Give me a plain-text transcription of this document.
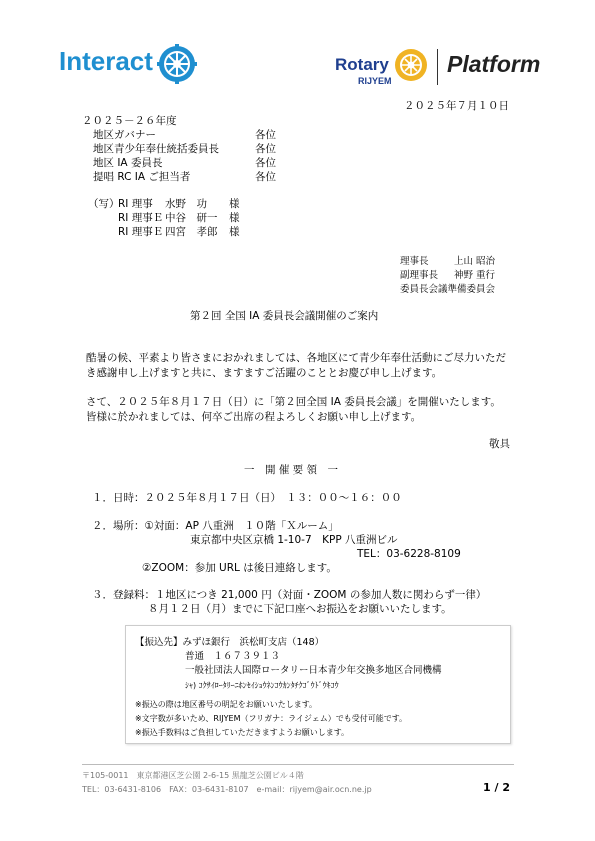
Interact	Rotary
RIJYEM
Platform
２０２５年７月１０日
２０２５－２６年度
地区ガバナー	各位
地区青少年奉仕統括委員長	各位
地区 IA 委員長	各位
提唱 RC IA ご担当者	各位
（写）
RI 理事 水野　功 様
RI 理事Ｅ 中谷　研一 様
RI 理事Ｅ 四宮　孝郎 様
理事長	上山 昭治
副理事長 神野 重行
委員長会議準備委員会
第２回 全国 IA 委員長会議開催のご案内
酷暑の候、平素より皆さまにおかれましては、各地区にて青少年奉仕活動にご尽力いただ
き感謝申し上げますと共に、ますますご活躍のこととお慶び申し上げます。
さて、２０２５年８月１７日（日）に「第２回全国 IA 委員長会議」を開催いたします。
皆様に於かれましては、何卒ご出席の程よろしくお願い申し上げます。
敬具
一　開 催 要 領　一
１．日時：２０２５年８月１７日（日）　１３：００～１６：００
２．場所：①対面：AP 八重洲　１０階「Ｘルーム」
東京都中央区京橋 1-10-7　KPP 八重洲ビル
TEL：03-6228-8109
②ZOOM：参加 URL は後日連絡します。
３．登録料：１地区につき 21,000 円（対面・ZOOM の参加人数に関わらず一律）
８月１２日（月）までに下記口座へお振込をお願いいたします。
【振込先】みずほ銀行　浜松町支店（148）
普通　１６７３９１３
一般社団法人国際ロータリー日本青少年交換多地区合同機構
ｼｬ) ｺｸｻｲﾛｰﾀﾘｰﾆﾎﾝｾｲｼｮｳﾈﾝｺｳｶﾝﾀﾁｸｺﾞｳﾄﾞｳｷｺｳ
※振込の際は地区番号の明記をお願いいたします。
※文字数が多いため、RIJYEM（フリガナ：ライジェム）でも受付可能です。
※振込手数料はご負担していただきますようお願いします。
〒105-0011　東京都港区芝公園 2-6-15 黒龍芝公園ビル４階
TEL：03-6431-8106　FAX：03-6431-8107　e-mail：rijyem@air.ocn.ne.jp	1 / 2
